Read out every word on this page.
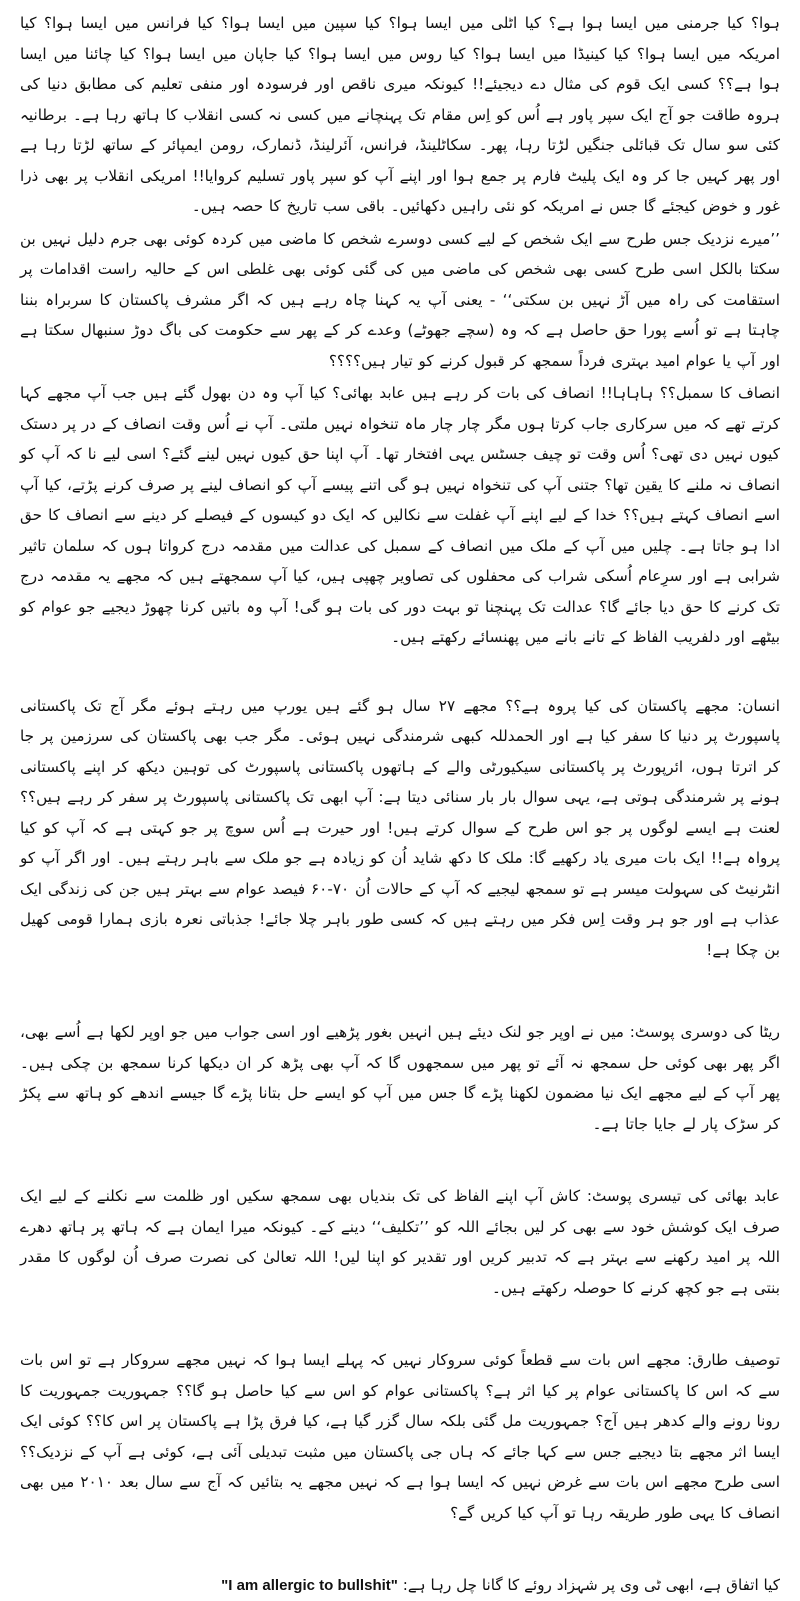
ہوا؟ کیا جرمنی میں ایسا ہوا ہے؟ کیا اٹلی میں ایسا ہوا؟ کیا سپین میں ایسا ہوا؟ کیا فرانس میں ایسا ہوا؟ کیا امریکہ میں ایسا ہوا؟ کیا کینیڈا میں ایسا ہوا؟ کیا روس میں ایسا ہوا؟ کیا جاپان میں ایسا ہوا؟ کیا چائنا میں ایسا ہوا ہے؟؟ کسی ایک قوم کی مثال دے دیجیئے!! کیونکہ میری ناقص اور فرسودہ اور منفی تعلیم کی مطابق دنیا کی ہروہ طاقت جو آج ایک سپر پاور ہے اُس کو اِس مقام تک پہنچانے میں کسی نہ کسی انقلاب کا ہاتھ رہا ہے۔ برطانیہ کئی سو سال تک قبائلی جنگیں لڑتا رہا، پھر۔ سکاٹلینڈ، فرانس، آئرلینڈ، ڈنمارک، رومن ایمپائر کے ساتھ لڑتا رہا ہے اور پھر کہیں جا کر وہ ایک پلیٹ فارم پر جمع ہوا اور اپنے آپ کو سپر پاور تسلیم کروایا!! امریکی انقلاب پر بھی ذرا غور و خوض کیجئے گا جس نے امریکہ کو نئی راہیں دکھائیں۔ باقی سب تاریخ کا حصہ ہیں۔

’’میرے نزدیک جس طرح سے ایک شخص کے لیے کسی دوسرے شخص کا ماضی میں کردہ کوئی بھی جرم دلیل نہیں بن سکتا بالکل اسی طرح کسی بھی شخص کی ماضی میں کی گئی کوئی بھی غلطی اس کے حالیہ راست اقدامات پر استقامت کی راہ میں آڑ نہیں بن سکتی‘‘ - یعنی آپ یہ کہنا چاہ رہے ہیں کہ اگر مشرف پاکستان کا سربراہ بننا چاہتا ہے تو اُسے پورا حق حاصل ہے کہ وہ (سچے جھوٹے) وعدے کر کے پھر سے حکومت کی باگ دوڑ سنبھال سکتا ہے اور آپ یا عوام امید بہتری فرداً سمجھ کر قبول کرنے کو تیار ہیں؟؟؟؟

انصاف کا سمبل؟؟ ہاہاہا!! انصاف کی بات کر رہے ہیں عابد بھائی؟ کیا آپ وہ دن بھول گئے ہیں جب آپ مجھے کہا کرتے تھے کہ میں سرکاری جاب کرتا ہوں مگر چار چار ماہ تنخواہ نہیں ملتی۔ آپ نے اُس وقت انصاف کے در پر دستک کیوں نہیں دی تھی؟ اُس وقت تو چیف جسٹس یہی افتخار تھا۔ آپ اپنا حق کیوں نہیں لینے گئے؟ اسی لیے نا کہ آپ کو انصاف نہ ملنے کا یقین تھا؟ جتنی آپ کی تنخواہ نہیں ہو گی اتنے پیسے آپ کو انصاف لینے پر صرف کرنے پڑتے، کیا آپ اسے انصاف کہتے ہیں؟؟ خدا کے لیے اپنے آپ غفلت سے نکالیں کہ ایک دو کیسوں کے فیصلے کر دینے سے انصاف کا حق ادا ہو جاتا ہے۔ چلیں میں آپ کے ملک میں انصاف کے سمبل کی عدالت میں مقدمہ درج کرواتا ہوں کہ سلمان تاثیر شرابی ہے اور سرِعام اُسکی شراب کی محفلوں کی تصاویر چھپی ہیں، کیا آپ سمجھتے ہیں کہ مجھے یہ مقدمہ درج تک کرنے کا حق دیا جائے گا؟ عدالت تک پہنچنا تو بہت دور کی بات ہو گی! آپ وہ باتیں کرنا چھوڑ دیجیے جو عوام کو بیٹھے اور دلفریب الفاظ کے تانے بانے میں پھنسائے رکھتے ہیں۔

انسان: مجھے پاکستان کی کیا پروہ ہے؟؟ مجھے ۲۷ سال ہو گئے ہیں یورپ میں رہتے ہوئے مگر آج تک پاکستانی پاسپورٹ پر دنیا کا سفر کیا ہے اور الحمدللہ کبھی شرمندگی نہیں ہوئی۔ مگر جب بھی پاکستان کی سرزمین پر جا کر اترتا ہوں، ائرپورٹ پر پاکستانی سیکیورٹی والے کے ہاتھوں پاکستانی پاسپورٹ کی توہین دیکھ کر اپنے پاکستانی ہونے پر شرمندگی ہوتی ہے، یہی سوال بار بار سنائی دیتا ہے: آپ ابھی تک پاکستانی پاسپورٹ پر سفر کر رہے ہیں؟؟ لعنت ہے ایسے لوگوں پر جو اس طرح کے سوال کرتے ہیں! اور حیرت ہے اُس سوچ پر جو کہتی ہے کہ آپ کو کیا پرواہ ہے!! ایک بات میری یاد رکھیے گا: ملک کا دکھ شاید اُن کو زیادہ ہے جو ملک سے باہر رہتے ہیں۔ اور اگر آپ کو انٹرنیٹ کی سہولت میسر ہے تو سمجھ لیجیے کہ آپ کے حالات اُن ۷۰-۶۰ فیصد عوام سے بہتر ہیں جن کی زندگی ایک عذاب ہے اور جو ہر وقت اِس فکر میں رہتے ہیں کہ کسی طور باہر چلا جائے! جذباتی نعرہ بازی ہمارا قومی کھیل بن چکا ہے!

ریٹا کی دوسری پوسٹ: میں نے اوپر جو لنک دیئے ہیں انہیں بغور پڑھیے اور اسی جواب میں جو اوپر لکھا ہے اُسے بھی، اگر پھر بھی کوئی حل سمجھ نہ آئے تو پھر میں سمجھوں گا کہ آپ بھی پڑھ کر ان دیکھا کرنا سمجھ بن چکی ہیں۔ پھر آپ کے لیے مجھے ایک نیا مضمون لکھنا پڑے گا جس میں آپ کو ایسے حل بتانا پڑے گا جیسے اندھے کو ہاتھ سے پکڑ کر سڑک پار لے جایا جاتا ہے۔

عابد بھائی کی تیسری پوسٹ: کاش آپ اپنے الفاظ کی تک بندیاں بھی سمجھ سکیں اور ظلمت سے نکلنے کے لیے ایک صرف ایک کوشش خود سے بھی کر لیں بجائے اللہ کو ’’تکلیف‘‘ دینے کے۔ کیونکہ میرا ایمان ہے کہ ہاتھ پر ہاتھ دھرے اللہ پر امید رکھنے سے بہتر ہے کہ تدبیر کریں اور تقدیر کو اپنا لیں! اللہ تعالیٰ کی نصرت صرف اُن لوگوں کا مقدر بنتی ہے جو کچھ کرنے کا حوصلہ رکھتے ہیں۔

توصیف طارق: مجھے اس بات سے قطعاً کوئی سروکار نہیں کہ پہلے ایسا ہوا کہ نہیں مجھے سروکار ہے تو اس بات سے کہ اس کا پاکستانی عوام پر کیا اثر ہے؟ پاکستانی عوام کو اس سے کیا حاصل ہو گا؟؟ جمہوریت جمہوریت کا رونا رونے والے کدھر ہیں آج؟ جمہوریت مل گئی بلکہ سال گزر گیا ہے، کیا فرق پڑا ہے پاکستان پر اس کا؟؟ کوئی ایک ایسا اثر مجھے بتا دیجیے جس سے کہا جائے کہ ہاں جی پاکستان میں مثبت تبدیلی آئی ہے، کوئی ہے آپ کے نزدیک؟؟ اسی طرح مجھے اس بات سے غرض نہیں کہ ایسا ہوا ہے کہ نہیں مجھے یہ بتائیں کہ آج سے سال بعد ۲۰۱۰ میں بھی انصاف کا یہی طور طریقہ رہا تو آپ کیا کریں گے؟

کیا اتفاق ہے، ابھی ٹی وی پر شہزاد روئے کا گانا چل رہا ہے: "I am allergic to bullshit"
